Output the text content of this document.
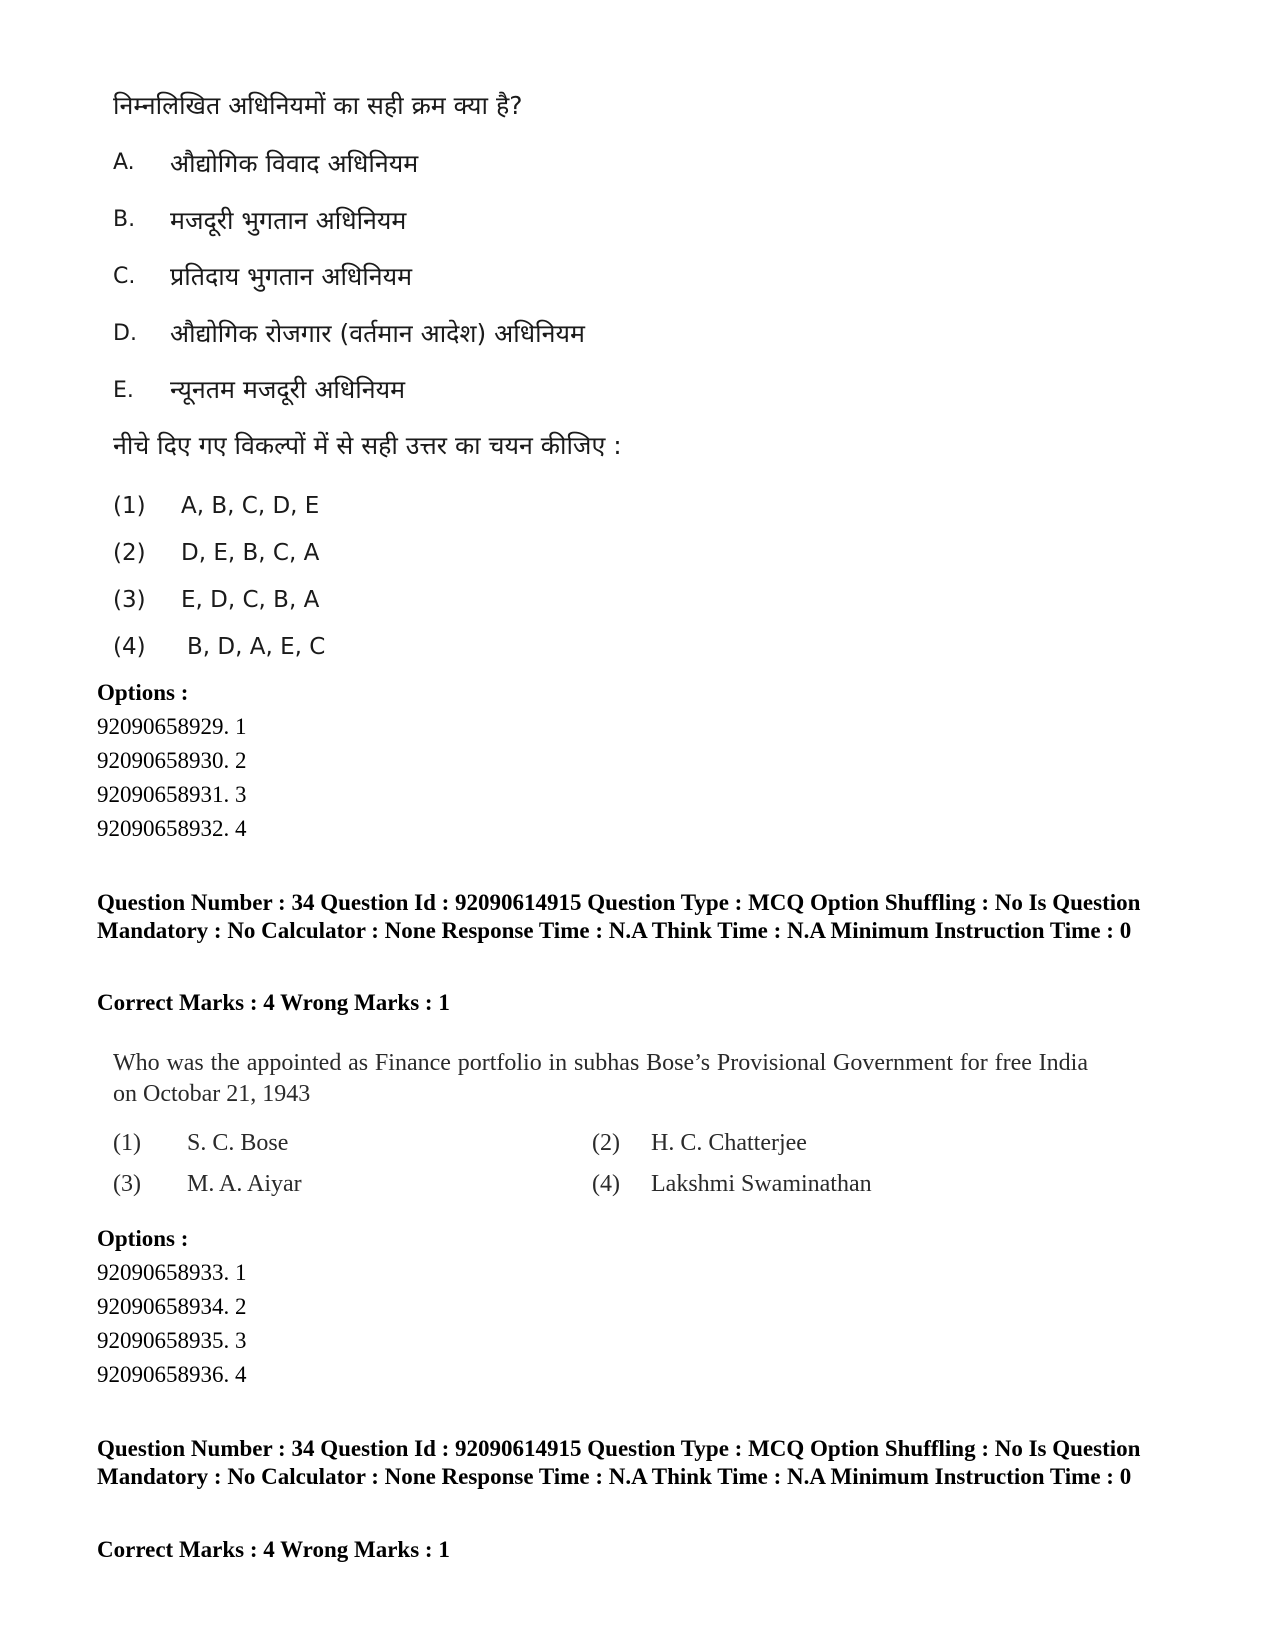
निम्नलिखित अधिनियमों का सही क्रम क्या है?
A. औद्योगिक विवाद अधिनियम
B. मजदूरी भुगतान अधिनियम
C. प्रतिदाय भुगतान अधिनियम
D. औद्योगिक रोजगार (वर्तमान आदेश) अधिनियम
E. न्यूनतम मजदूरी अधिनियम
नीचे दिए गए विकल्पों में से सही उत्तर का चयन कीजिए :
(1) A, B, C, D, E
(2) D, E, B, C, A
(3) E, D, C, B, A
(4) B, D, A, E, C
Options :
92090658929. 1
92090658930. 2
92090658931. 3
92090658932. 4
Question Number : 34 Question Id : 92090614915 Question Type : MCQ Option Shuffling : No Is Question Mandatory : No Calculator : None Response Time : N.A Think Time : N.A Minimum Instruction Time : 0
Correct Marks : 4 Wrong Marks : 1
Who was the appointed as Finance portfolio in subhas Bose’s Provisional Government for free India on Octobar 21, 1943
(1) S. C. Bose	(2) H. C. Chatterjee
(3) M. A. Aiyar	(4) Lakshmi Swaminathan
Options :
92090658933. 1
92090658934. 2
92090658935. 3
92090658936. 4
Question Number : 34 Question Id : 92090614915 Question Type : MCQ Option Shuffling : No Is Question Mandatory : No Calculator : None Response Time : N.A Think Time : N.A Minimum Instruction Time : 0
Correct Marks : 4 Wrong Marks : 1
